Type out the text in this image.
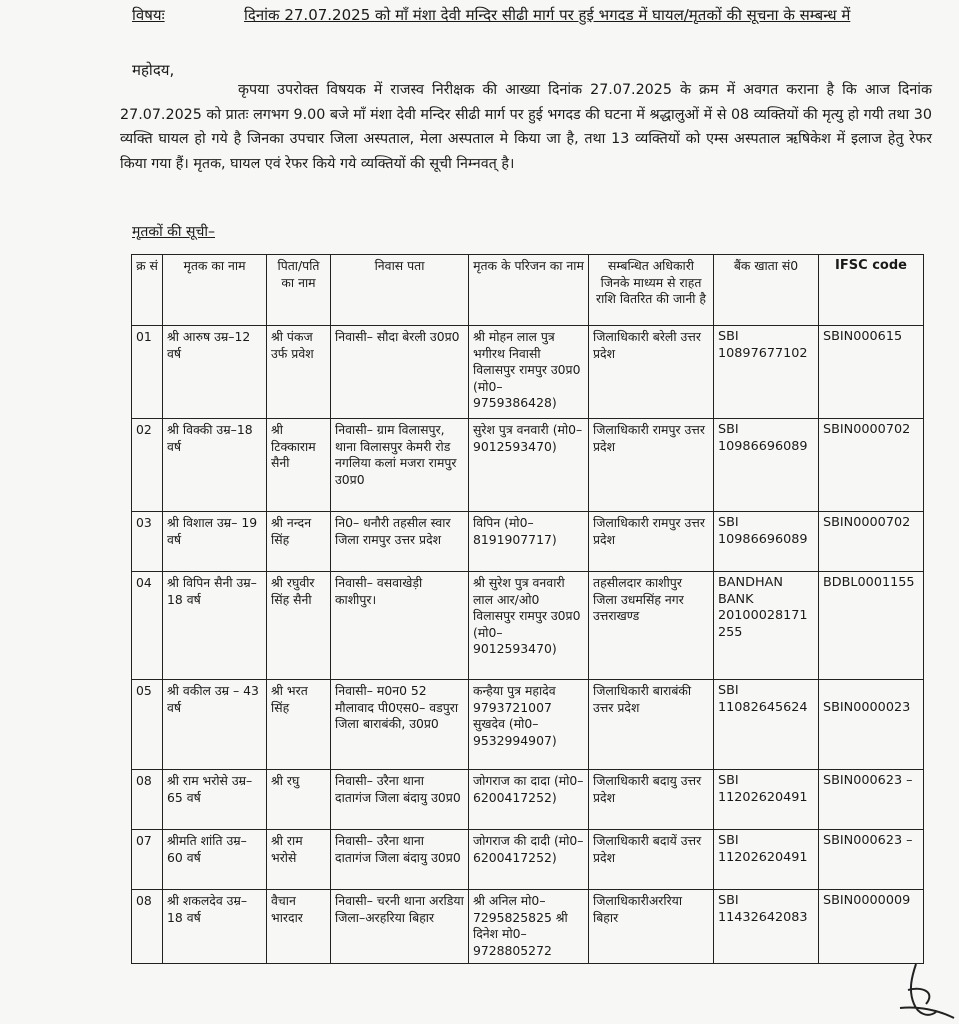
विषयः	दिनांक 27.07.2025 को माँ मंशा देवी मन्दिर सीढी मार्ग पर हुई भगदड में घायल/मृतकों की सूचना के सम्बन्ध में
महोदय,
कृपया उपरोक्त विषयक में राजस्व निरीक्षक की आख्या दिनांक 27.07.2025 के क्रम में अवगत कराना है कि आज दिनांक 27.07.2025 को प्रातः लगभग 9.00 बजे माँ मंशा देवी मन्दिर सीढी मार्ग पर हुई भगदड की घटना में श्रद्धालुओं में से 08 व्यक्तियों की मृत्यु हो गयी तथा 30 व्यक्ति घायल हो गये है जिनका उपचार जिला अस्पताल, मेला अस्पताल मे किया जा है, तथा 13 व्यक्तियों को एम्स अस्पताल ऋषिकेश में इलाज हेतु रेफर किया गया हैं। मृतक, घायल एवं रेफर किये गये व्यक्तियों की सूची निम्नवत् है।
मृतकों की सूची–
क्र सं	मृतक का नाम	पिता/पति का नाम	निवास पता	मृतक के परिजन का नाम	सम्बन्धित अधिकारी जिनके माध्यम से राहत राशि वितरित की जानी है	बैंक खाता सं0	IFSC code
01	श्री आरुष उम्र–12 वर्ष	श्री पंकज उर्फ प्रवेश	निवासी– सौदा बेरली उ0प्र0	श्री मोहन लाल पुत्र भगीरथ निवासी विलासपुर रामपुर उ0प्र0 (मो0–9759386428)	जिलाधिकारी बरेली उत्तर प्रदेश	SBI 10897677102	SBIN000615
02	श्री विक्की उम्र–18 वर्ष	श्री टिक्काराम सैनी	निवासी– ग्राम विलासपुर, थाना विलासपुर केमरी रोड नगलिया कलां मजरा रामपुर उ0प्र0	सुरेश पुत्र वनवारी (मो0–9012593470)	जिलाधिकारी रामपुर उत्तर प्रदेश	SBI 10986696089	SBIN0000702
03	श्री विशाल उम्र– 19 वर्ष	श्री नन्दन सिंह	नि0– धनौरी तहसील स्वार जिला रामपुर उत्तर प्रदेश	विपिन (मो0– 8191907717)	जिलाधिकारी रामपुर उत्तर प्रदेश	SBI 10986696089	SBIN0000702
04	श्री विपिन सैनी उम्र– 18 वर्ष	श्री रघुवीर सिंह सैनी	निवासी– वसवाखेड़ी काशीपुर।	श्री सुरेश पुत्र वनवारी लाल आर/ओ0 विलासपुर रामपुर उ0प्र0 (मो0–9012593470)	तहसीलदार काशीपुर जिला उधमसिंह नगर उत्तराखण्ड	BANDHAN BANK 20100028171255	BDBL0001155
05	श्री वकील उम्र – 43 वर्ष	श्री भरत सिंह	निवासी– म0न0 52 मौलावाद पी0एस0– वडपुरा जिला बाराबंकी, उ0प्र0	कन्हैया पुत्र महादेव 9793721007 सुखदेव (मो0–9532994907)	जिलाधिकारी बाराबंकी उत्तर प्रदेश	SBI 11082645624	SBIN0000023
08	श्री राम भरोसे उम्र–65 वर्ष	श्री रघु	निवासी– उरैना थाना दातागंज जिला बंदायु उ0प्र0	जोगराज का दादा (मो0– 6200417252)	जिलाधिकारी बदायु उत्तर प्रदेश	SBI 11202620491	SBIN000623 –
07	श्रीमति शांति उम्र–60 वर्ष	श्री राम भरोसे	निवासी– उरैना थाना दातागंज जिला बंदायु उ0प्र0	जोगराज की दादी (मो0– 6200417252)	जिलाधिकारी बदायें उत्तर प्रदेश	SBI 11202620491	SBIN000623 –
08	श्री शकलदेव उम्र– 18 वर्ष	वैचान भारदार	निवासी– चरनी थाना अरडिया जिला–अरहरिया बिहार	श्री अनिल मो0–7295825825 श्री दिनेश मो0–9728805272	जिलाधिकारीअररिया बिहार	SBI 11432642083	SBIN0000009
